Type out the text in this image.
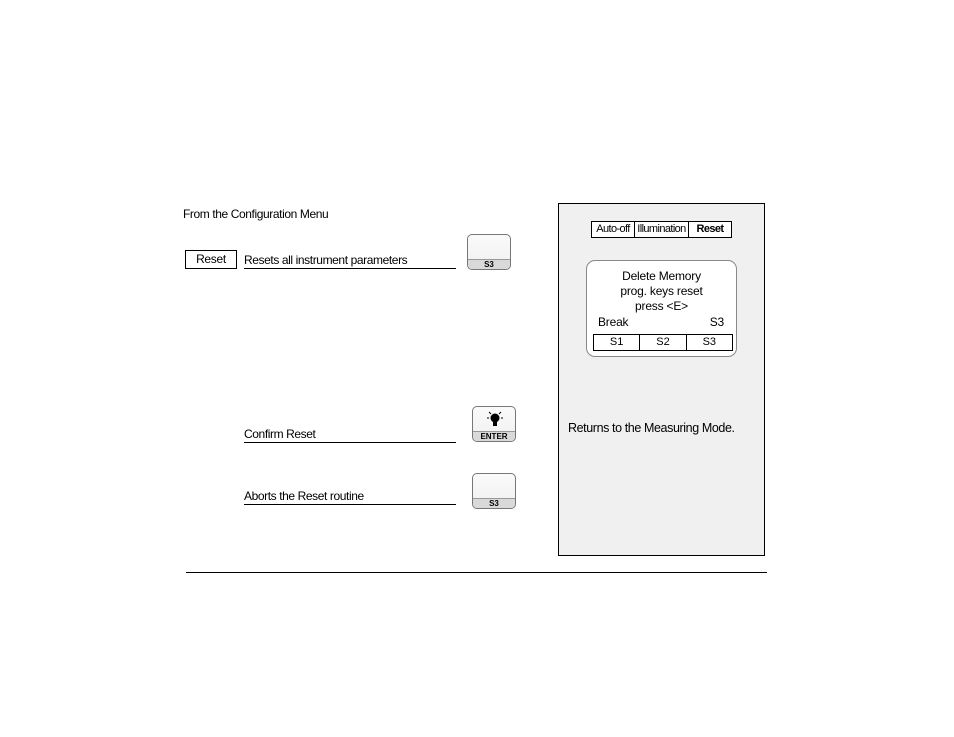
From the Configuration Menu
Reset	Resets all instrument parameters	S3
Confirm Reset	ENTER
Aborts the Reset routine
S3
Auto-off Illumination Reset
Delete Memory
prog. keys reset
press <E>
Break	S3
S1	S2	S3
Returns to the Measuring Mode.
